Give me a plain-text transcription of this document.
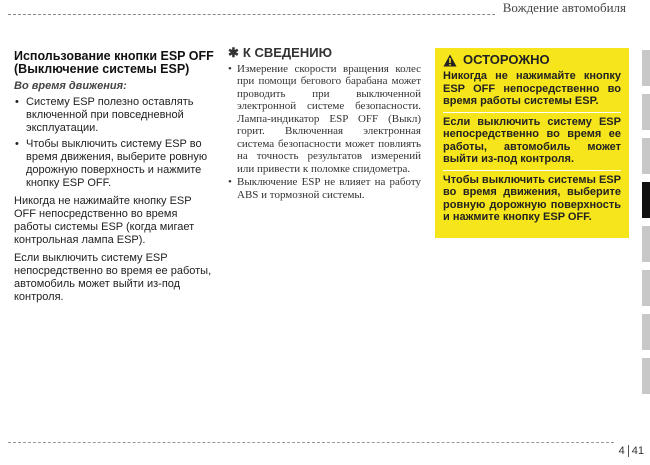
Вождение автомобиля
Использование кнопки ESP OFF (Выключение системы ESP)
Во время движения:
• Систему ESP полезно оставлять включенной при повседневной эксплуатации.
• Чтобы выключить систему ESP во время движения, выберите ровную дорожную поверхность и нажмите кнопку ESP OFF.

Никогда не нажимайте кнопку ESP OFF непосредственно во время работы системы ESP (когда мигает контрольная лампа ESP).

Если выключить систему ESP непосредственно во время ее работы, автомобиль может выйти из-под контроля.

✱ К СВЕДЕНИЮ
• Измерение скорости вращения колес при помощи бегового барабана может проводить при выключенной электронной системе безопасности. Лампа-индикатор ESP OFF (Выкл) горит. Включенная электронная система безопасности может повлиять на точность результатов измерений или привести к поломке спидометра.
• Выключение ESP не влияет на работу ABS и тормозной системы.
ОСТОРОЖНО

Никогда не нажимайте кнопку ESP OFF непосредственно во время работы системы ESP.

Если выключить систему ESP непосредственно во время ее работы, автомобиль может выйти из-под контроля.

Чтобы выключить системы ESP во время движения, выберите ровную дорожную поверхность и нажмите кнопку ESP OFF.

4 41
